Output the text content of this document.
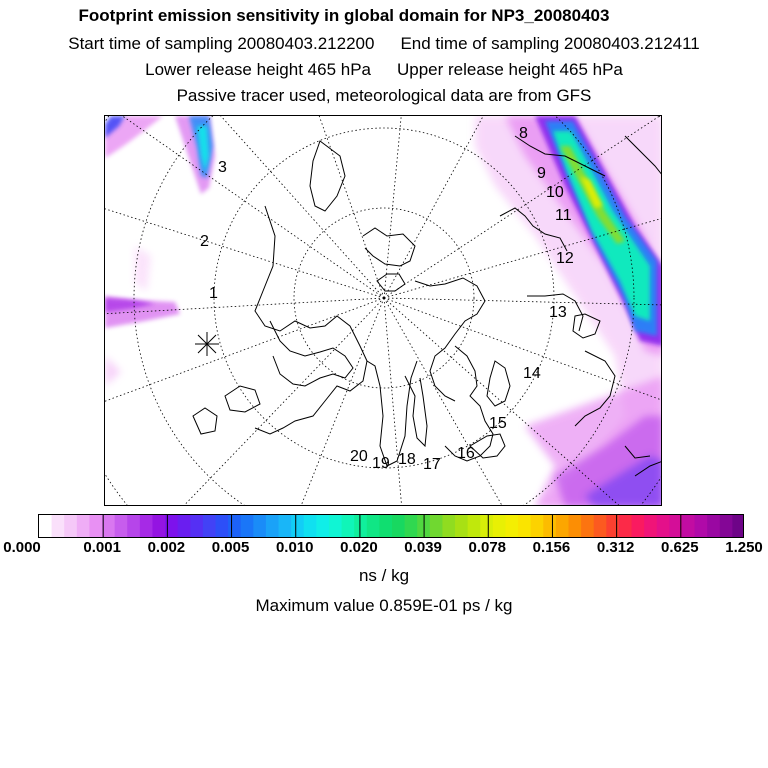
Footprint emission sensitivity in global domain for NP3_20080403
Start time of sampling 20080403.212200 End time of sampling 20080403.212411
Lower release height 465 hPa Upper release height 465 hPa
Passive tracer used, meteorological data are from GFS
1
2
3
8
9
10
11
12
13
14
15
16
17
18
19
20
0.000	0.001 0.002 0.005 0.010 0.020 0.039 0.078 0.156 0.312 0.625 1.250
ns / kg
Maximum value 0.859E-01 ps / kg
